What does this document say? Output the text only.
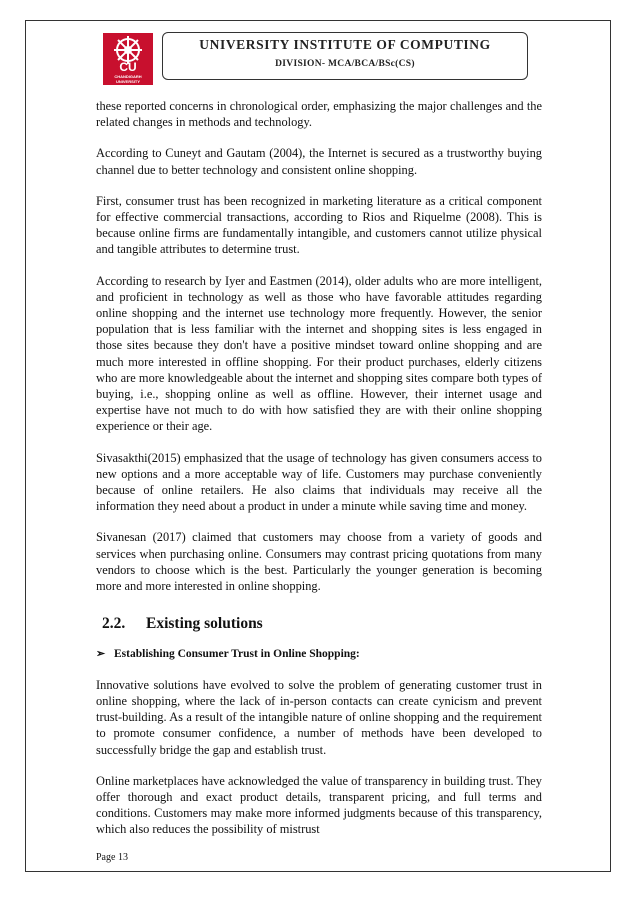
CU
CHANDIGARH
UNIVERSITY
UNIVERSITY INSTITUTE OF COMPUTING
DIVISION- MCA/BCA/BSc(CS)

these reported concerns in chronological order, emphasizing the major challenges and the related changes in methods and technology.

According to Cuneyt and Gautam (2004), the Internet is secured as a trustworthy buying channel due to better technology and consistent online shopping.

First, consumer trust has been recognized in marketing literature as a critical component for effective commercial transactions, according to Rios and Riquelme (2008). This is because online firms are fundamentally intangible, and customers cannot utilize physical and tangible attributes to determine trust.

According to research by Iyer and Eastmen (2014), older adults who are more intelligent, and proficient in technology as well as those who have favorable attitudes regarding online shopping and the internet use technology more frequently. However, the senior population that is less familiar with the internet and shopping sites is less engaged in those sites because they don't have a positive mindset toward online shopping and are much more interested in offline shopping. For their product purchases, elderly citizens who are more knowledgeable about the internet and shopping sites compare both types of buying, i.e., shopping online as well as offline. However, their internet usage and expertise have not much to do with how satisfied they are with their online shopping experience or their age.

Sivasakthi(2015) emphasized that the usage of technology has given consumers access to new options and a more acceptable way of life. Customers may purchase conveniently because of online retailers. He also claims that individuals may receive all the information they need about a product in under a minute while saving time and money.

Sivanesan (2017) claimed that customers may choose from a variety of goods and services when purchasing online. Consumers may contrast pricing quotations from many vendors to choose which is the best. Particularly the younger generation is becoming more and more interested in online shopping.

2.2. Existing solutions
➢ Establishing Consumer Trust in Online Shopping:

Innovative solutions have evolved to solve the problem of generating customer trust in online shopping, where the lack of in-person contacts can create cynicism and prevent trust-building. As a result of the intangible nature of online shopping and the requirement to promote consumer confidence, a number of methods have been developed to successfully bridge the gap and establish trust.

Online marketplaces have acknowledged the value of transparency in building trust. They offer thorough and exact product details, transparent pricing, and full terms and conditions. Customers may make more informed judgments because of this transparency, which also reduces the possibility of mistrust

Page 13
